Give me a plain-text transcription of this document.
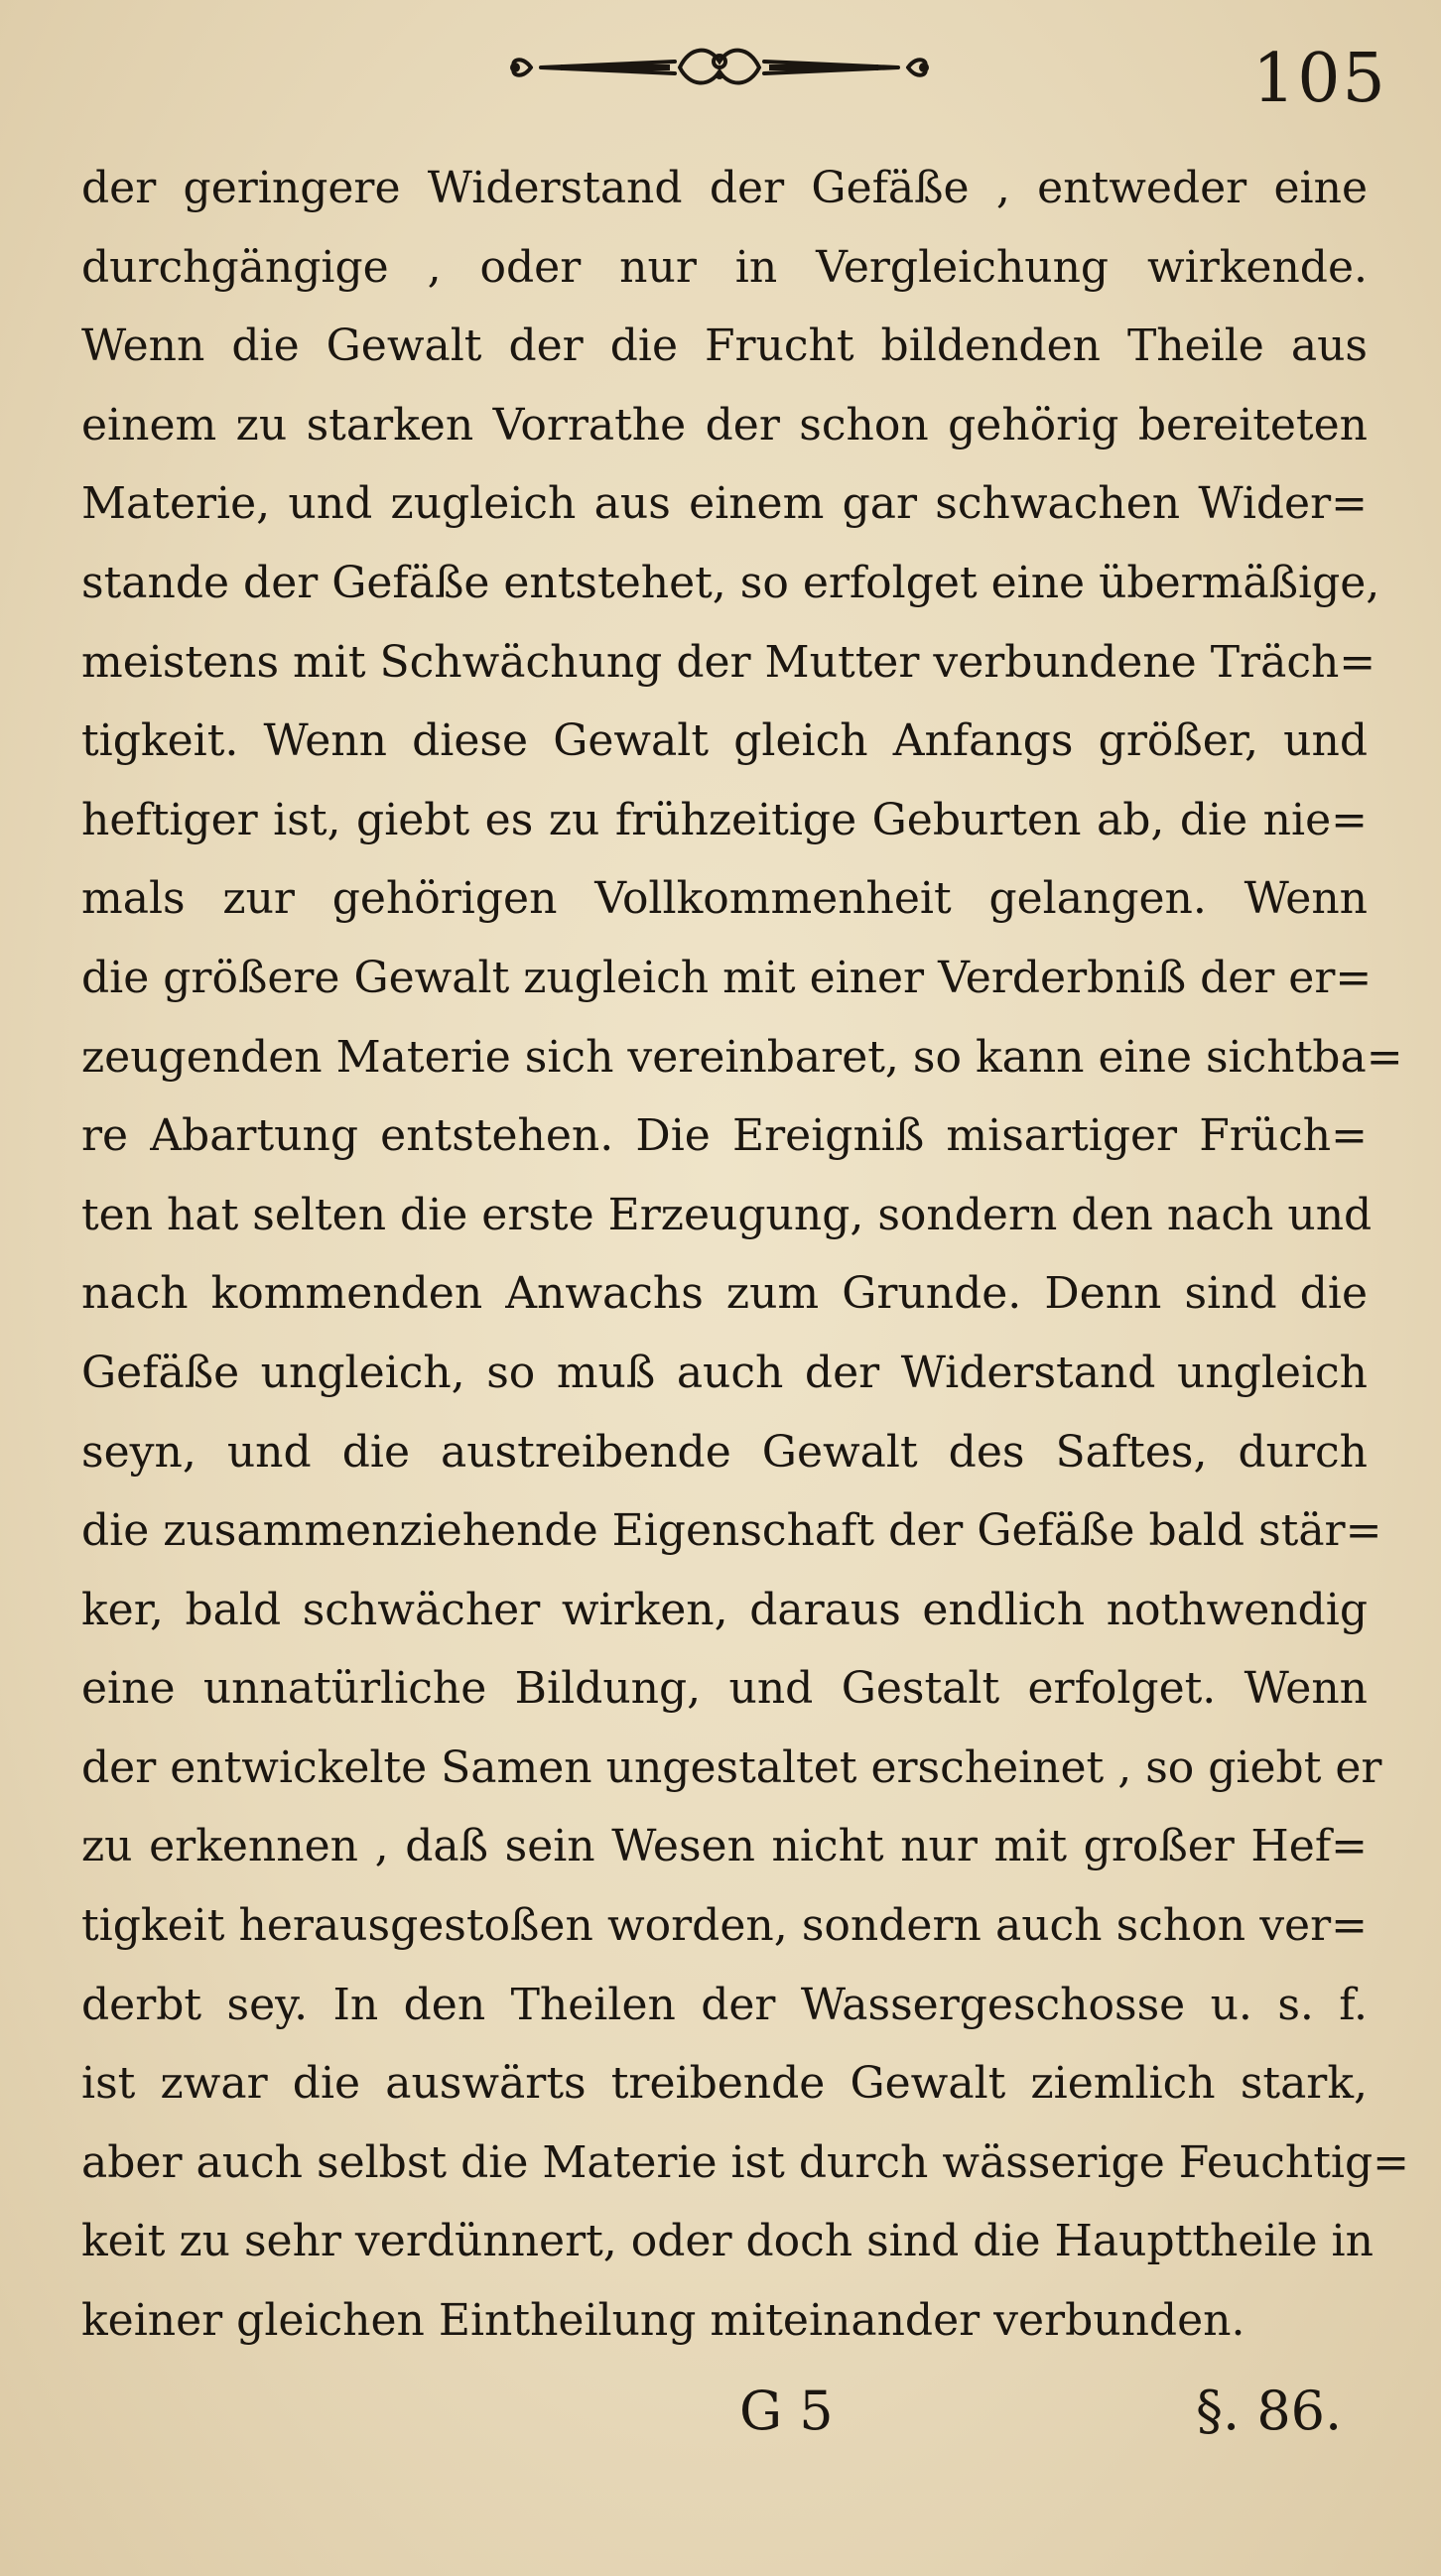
105
der geringere Widerstand der Gefäße , entweder eine
durchgängige , oder nur in Vergleichung wirkende.
Wenn die Gewalt der die Frucht bildenden Theile aus
einem zu starken Vorrathe der schon gehörig bereiteten
Materie, und zugleich aus einem gar schwachen Wider=
stande der Gefäße entstehet, so erfolget eine übermäßige,
meistens mit Schwächung der Mutter verbundene Träch=
tigkeit. Wenn diese Gewalt gleich Anfangs größer, und
heftiger ist, giebt es zu frühzeitige Geburten ab, die nie=
mals zur gehörigen Vollkommenheit gelangen. Wenn
die größere Gewalt zugleich mit einer Verderbniß der er=
zeugenden Materie sich vereinbaret, so kann eine sichtba=
re Abartung entstehen. Die Ereigniß misartiger Früch=
ten hat selten die erste Erzeugung, sondern den nach und
nach kommenden Anwachs zum Grunde. Denn sind die
Gefäße ungleich, so muß auch der Widerstand ungleich
seyn, und die austreibende Gewalt des Saftes, durch
die zusammenziehende Eigenschaft der Gefäße bald stär=
ker, bald schwächer wirken, daraus endlich nothwendig
eine unnatürliche Bildung, und Gestalt erfolget. Wenn
der entwickelte Samen ungestaltet erscheinet , so giebt er
zu erkennen , daß sein Wesen nicht nur mit großer Hef=
tigkeit herausgestoßen worden, sondern auch schon ver=
derbt sey. In den Theilen der Wassergeschosse u. s. f.
ist zwar die auswärts treibende Gewalt ziemlich stark,
aber auch selbst die Materie ist durch wässerige Feuchtig=
keit zu sehr verdünnert, oder doch sind die Haupttheile in
keiner gleichen Eintheilung miteinander verbunden.
G 5	§. 86.
